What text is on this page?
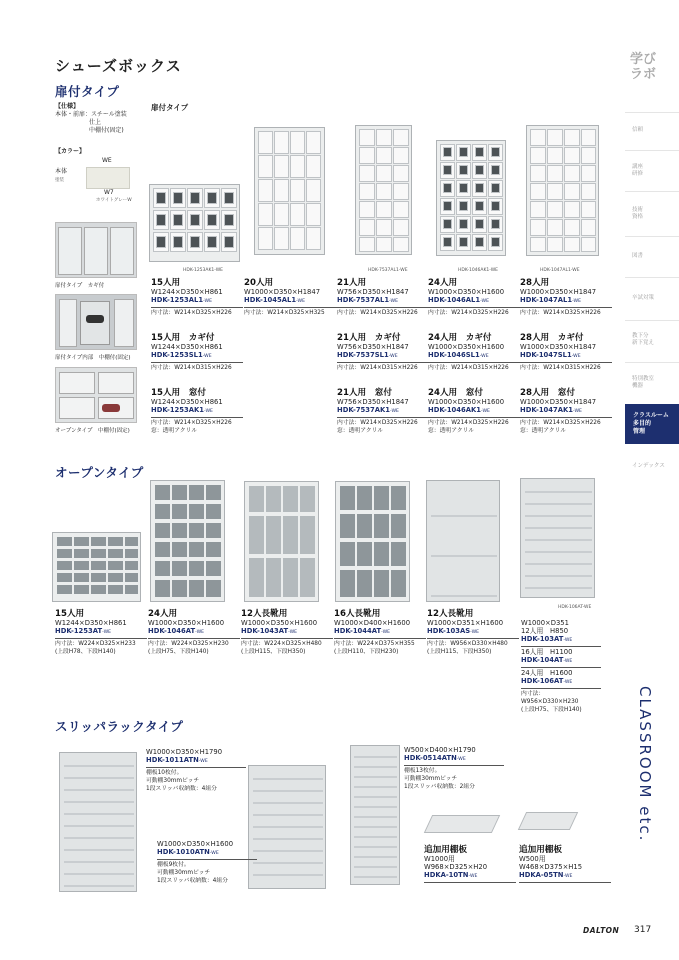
シューズボックス
扉付タイプ
学び
ラボ
信頼
講座
研修
技術
資格
図書
卒試対策
教下分
新下覚え
特別教室
機器
クラスルーム
多目的
管理
インデックス
CLASSROOM etc.
【仕様】
本体・前扉：スチール塗装
仕上
中棚付(固定)
【カラー】
WE
本体
塗装
W7
ホワイトグレーW
扉付タイプ　カギ付
扉付タイプ内部　中棚付(固定)
オープンタイプ　中棚付(固定)
扉付タイプ
HDK-1253AK1-WE	HDK-7537AL1-WE	HDK-1046AK1-WE	HDK-1047AL1-WE
15人用
W1244×D350×H861
HDK-1253AL1-WE
内寸法：W214×D325×H226
20人用
W1000×D350×H1847
HDK-1045AL1-WE
内寸法：W214×D325×H325
21人用
W756×D350×H1847
HDK-7537AL1-WE
内寸法：W214×D325×H226
24人用
W1000×D350×H1600
HDK-1046AL1-WE
内寸法：W214×D325×H226
28人用
W1000×D350×H1847
HDK-1047AL1-WE
内寸法：W214×D325×H226
15人用　カギ付
W1244×D350×H861
HDK-1253SL1-WE
内寸法：W214×D315×H226
21人用　カギ付
W756×D350×H1847
HDK-7537SL1-WE
内寸法：W214×D315×H226
24人用　カギ付
W1000×D350×H1600
HDK-1046SL1-WE
内寸法：W214×D315×H226
28人用　カギ付
W1000×D350×H1847
HDK-1047SL1-WE
内寸法：W214×D315×H226
15人用　窓付
W1244×D350×H861
HDK-1253AK1-WE
内寸法：W214×D325×H226
窓：透明アクリル
21人用　窓付
W756×D350×H1847
HDK-7537AK1-WE
内寸法：W214×D325×H226
窓：透明アクリル
24人用　窓付
W1000×D350×H1600
HDK-1046AK1-WE
内寸法：W214×D325×H226
窓：透明アクリル
28人用　窓付
W1000×D350×H1847
HDK-1047AK1-WE
内寸法：W214×D325×H226
窓：透明アクリル
オープンタイプ
HDK-106AT-WE
15人用
W1244×D350×H861
HDK-1253AT-WE
内寸法：W224×D325×H233
(上段H78、下段H140)
24人用
W1000×D350×H1600
HDK-1046AT-WE
内寸法：W224×D325×H230
(上段H75、下段H140)
12人長靴用
W1000×D350×H1600
HDK-1043AT-WE
内寸法：W224×D325×H480
(上段H115、下段H350)
16人長靴用
W1000×D400×H1600
HDK-1044AT-WE
内寸法：W224×D375×H355
(上段H110、下段H230)
12人長靴用
W1000×D351×H1600
HDK-103AS-WE
内寸法：W956×D330×H480
(上段H115、下段H350)
W1000×D351
12人用　H850
HDK-103AT-WE
16人用　H1100
HDK-104AT-WE
24人用　H1600
HDK-106AT-WE
内寸法：W956×D330×H230
(上段H75、下段H140)
スリッパラックタイプ
W1000×D350×H1790
HDK-1011ATN-WE
棚板10枚付。
可動棚30mmピッチ
1段スリッパ収納数：4組分
W1000×D350×H1600
HDK-1010ATN-WE
棚板9枚付。
可動棚30mmピッチ
1段スリッパ収納数：4組分
W500×D400×H1790
HDK-0514ATN-WE
棚板13枚付。
可動棚30mmピッチ
1段スリッパ収納数：2組分
追加用棚板
W1000用
W968×D325×H20
HDKA-10TN-WE
追加用棚板
W500用
W468×D375×H15
HDKA-05TN-WE
DALTON 317
